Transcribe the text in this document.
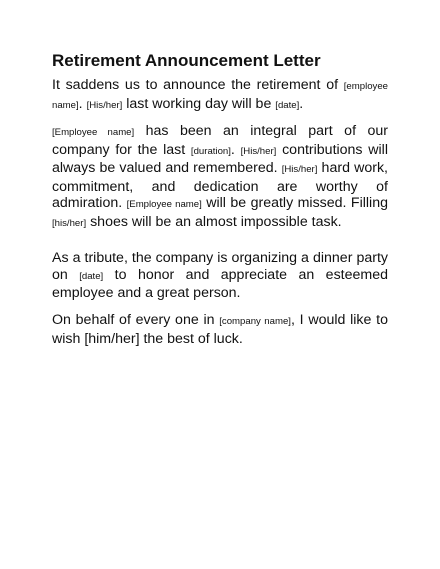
Retirement Announcement Letter

It saddens us to announce the retirement of [employee name]. [His/her] last working day will be [date].

[Employee name] has been an integral part of our company for the last [duration]. [His/her] contributions will always be valued and remembered. [His/her] hard work, commitment, and dedication are worthy of admiration. [Employee name] will be greatly missed. Filling [his/her] shoes will be an almost impossible task.

As a tribute, the company is organizing a dinner party on [date] to honor and appreciate an esteemed employee and a great person.

On behalf of every one in [company name], I would like to wish [him/her] the best of luck.
